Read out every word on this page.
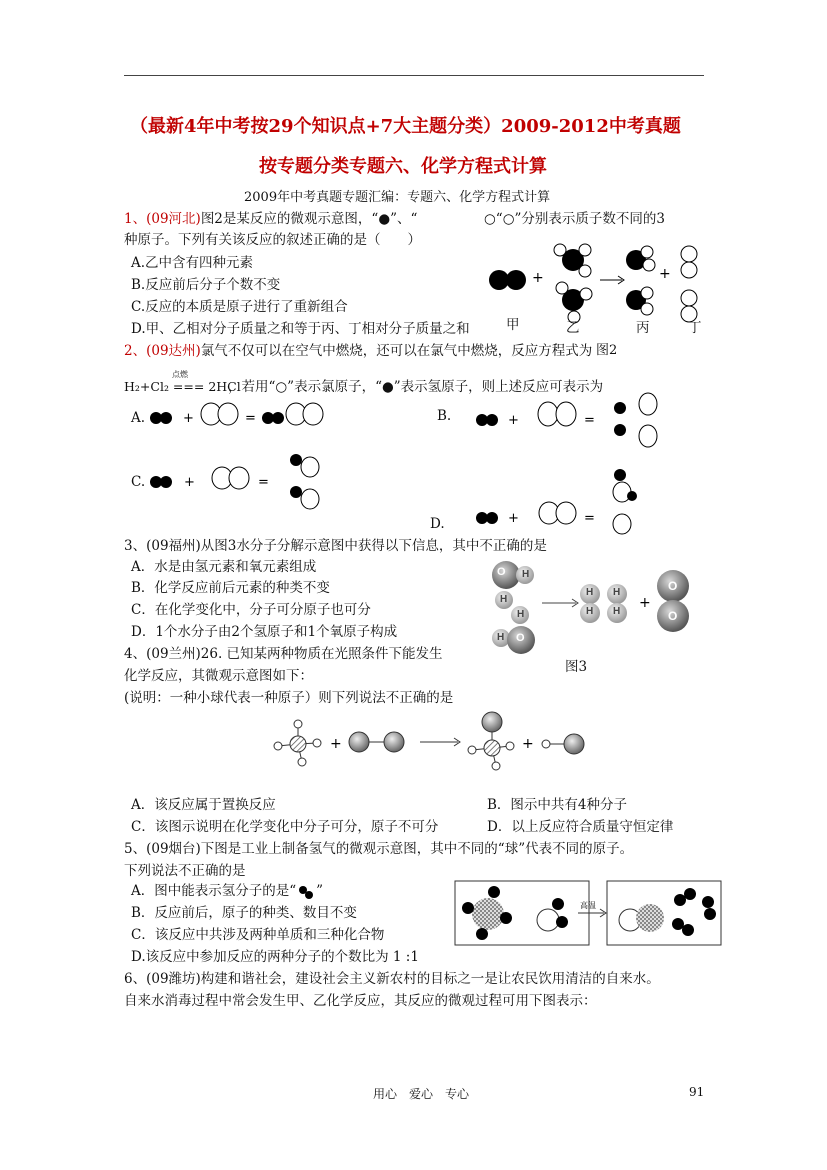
（最新4年中考按29个知识点+7大主题分类）2009-2012中考真题
按专题分类专题六、化学方程式计算
2009年中考真题专题汇编：专题六、化学方程式计算
1、(09河北)图2是某反应的微观示意图，“●”、“	○“○”分别表示质子数不同的3
种原子。下列有关该反应的叙述正确的是（　　）
A.乙中含有四种元素
B.反应前后分子个数不变
C.反应的本质是原子进行了重新组合
D.甲、乙相对分子质量之和等于丙、丁相对分子质量之和
+	+
甲	乙	丙	丁
2、(09达州)氯气不仅可以在空气中燃烧，还可以在氯气中燃烧，反应方程式为 图2
点燃
H₂+Cl₂ === 2HCl
，若用“○”表示氯原子，“●”表示氢原子，则上述反应可表示为
A.	+	=	B.	+	=
C.	+	=
D.	+	=
3、(09福州)从图3水分子分解示意图中获得以下信息，其中不正确的是
A．水是由氢元素和氧元素组成
B．化学反应前后元素的种类不变
C．在化学变化中，分子可分原子也可分
D．1个水分子由2个氢原子和1个氧原子构成
+
O H
H
H
H O
H H
H H
O
O
图3
4、(09兰州)26. 已知某两种物质在光照条件下能发生
化学反应，其微观示意图如下：
(说明：一种小球代表一种原子）则下列说法不正确的是
+	+
A．该反应属于置换反应	B．图示中共有4种分子
C．该图示说明在化学变化中分子可分，原子不可分	D．以上反应符合质量守恒定律
5、(09烟台)下图是工业上制备氢气的微观示意图，其中不同的“球”代表不同的原子。
下列说法不正确的是
A．图中能表示氢分子的是“ ”
B．反应前后，原子的种类、数目不变
C．该反应中共涉及两种单质和三种化合物
D.该反应中参加反应的两种分子的个数比为 1 :1
高温
6、(09潍坊)构建和谐社会，建设社会主义新农村的目标之一是让农民饮用清洁的自来水。
自来水消毒过程中常会发生甲、乙化学反应，其反应的微观过程可用下图表示：
用心　爱心　专心	91
